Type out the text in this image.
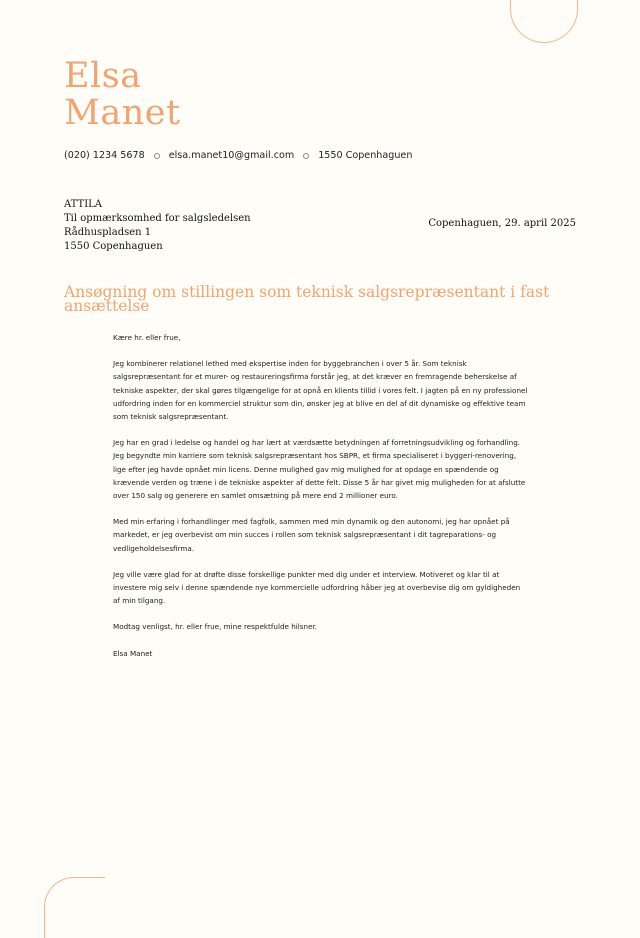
Elsa
Manet
(020) 1234 5678	elsa.manet10@gmail.com	1550 Copenhaguen
ATTILA
Til opmærksomhed for salgsledelsen
Rådhuspladsen 1
1550 Copenhaguen
Copenhaguen, 29. april 2025
Ansøgning om stillingen som teknisk salgsrepræsentant i fast ansættelse

Kære hr. eller frue,

Jeg kombinerer relationel lethed med ekspertise inden for byggebranchen i over 5 år. Som teknisk salgsrepræsentant for et murer- og restaureringsfirma forstår jeg, at det kræver en fremragende beherskelse af tekniske aspekter, der skal gøres tilgængelige for at opnå en klients tillid i vores felt. I jagten på en ny professionel udfordring inden for en kommerciel struktur som din, ønsker jeg at blive en del af dit dynamiske og effektive team som teknisk salgsrepræsentant.

Jeg har en grad i ledelse og handel og har lært at værdsætte betydningen af forretningsudvikling og forhandling. Jeg begyndte min karriere som teknisk salgsrepræsentant hos SBPR, et firma specialiseret i byggeri-renovering, lige efter jeg havde opnået min licens. Denne mulighed gav mig mulighed for at opdage en spændende og krævende verden og træne i de tekniske aspekter af dette felt. Disse 5 år har givet mig muligheden for at afslutte over 150 salg og generere en samlet omsætning på mere end 2 millioner euro.

Med min erfaring i forhandlinger med fagfolk, sammen med min dynamik og den autonomi, jeg har opnået på markedet, er jeg overbevist om min succes i rollen som teknisk salgsrepræsentant i dit tagreparations- og vedligeholdelsesfirma.

Jeg ville være glad for at drøfte disse forskellige punkter med dig under et interview. Motiveret og klar til at investere mig selv i denne spændende nye kommercielle udfordring håber jeg at overbevise dig om gyldigheden af min tilgang.

Modtag venligst, hr. eller frue, mine respektfulde hilsner.

Elsa Manet
